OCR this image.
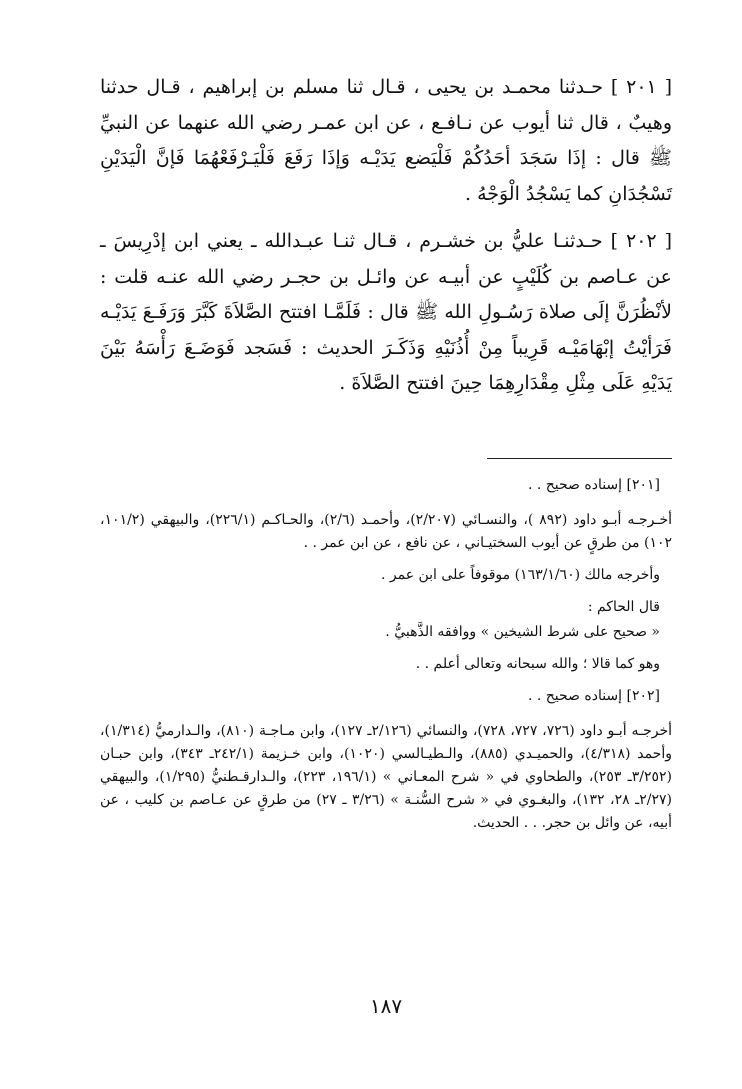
[ ٢٠١ ] حـدثنا محمـد بن يحيى ، قـال ثنا مسلم بن إبراهيم ، قـال حدثنا وهيبٌ ، قال ثنا أيوب عن نـافـع ، عن ابن عمـر رضي الله عنهما عن النبيِّ ﷺ قال : إذَا سَجَدَ أحَدُكُمْ فَلْيَضع يَدَيْـه وَإذَا رَفَعَ فَلْيَـرْفَعْهُمَا فَإنَّ الْيَدَيْنِ تَسْجُدَانِ كما يَسْجُدُ الْوَجْهُ .

[ ٢٠٢ ] حـدثنـا عليُّ بن خشـرم ، قـال ثنـا عبـدالله ـ يعني ابن إدْرِيسَ ـ عن عـاصم بن كُلَيْبٍ عن أبيـه عن وائـل بن حجـر رضي الله عنـه قلت : لأنْظُرَنَّ إلَى صلاة رَسُـولِ الله ﷺ قال : فَلَمَّـا افتتح الصَّلاَةَ كَبَّرَ وَرَفَـعَ يَدَيْـه فَرَأيْتُ إبْهَامَيْـه قَرِيباً مِنْ أُذُنَيْهِ وَذَكَـرَ الحديث : فَسَجد فَوَضَـعَ رَأْسَهُ بَيْنَ يَدَيْهِ عَلَى مِثْلِ مِقْدَارِهِمَا حِينَ افتتح الصَّلاَةَ .

[٢٠١] إسناده صحيح . .

أخـرجـه أبـو داود (٨٩٢ )، والنسـائي (٢/٢٠٧)، وأحمـد (٢/٦)، والحـاكـم (٢٢٦/١)، والبيهقي (١٠١/٢، ١٠٢) من طرقٍ عن أيوب السختيـاني ، عن نافع ، عن ابن عمر . .

وأخرجه مالك (١٦٣/١/٦٠) موقوفاً على ابن عمر .

قال الحاكم :

« صحيح على شرط الشيخين » ووافقه الذَّهبيُّ .

وهو كما قالا ؛ والله سبحانه وتعالى أعلم . .

[٢٠٢] إسناده صحيح . .

أخرجـه أبـو داود (٧٢٦، ٧٢٧، ٧٢٨)، والنسائي (٢/١٢٦ـ ١٢٧)، وابن مـاجـة (٨١٠)، والـدارميُّ (١/٣١٤)، وأحمد (٤/٣١٨)، والحميـدي (٨٨٥)، والـطيـالسي (١٠٢٠)، وابن خـزيمة (٢٤٢/١ـ ٣٤٣)، وابن حبـان (٣/٢٥٢ـ ٢٥٣)، والطحاوي في « شرح المعـاني » (١٩٦/١، ٢٢٣)، والـدارقـطنيُّ (١/٢٩٥)، والبيهقي (٢/٢٧ـ ٢٨، ١٣٢)، والبغـوي في « شرح السُّنـة » (٣/٢٦ ـ ٢٧) من طرقٍ عن عـاصم بن كليب ، عن أبيه، عن وائل بن حجر. . . الحديث.

١٨٧
